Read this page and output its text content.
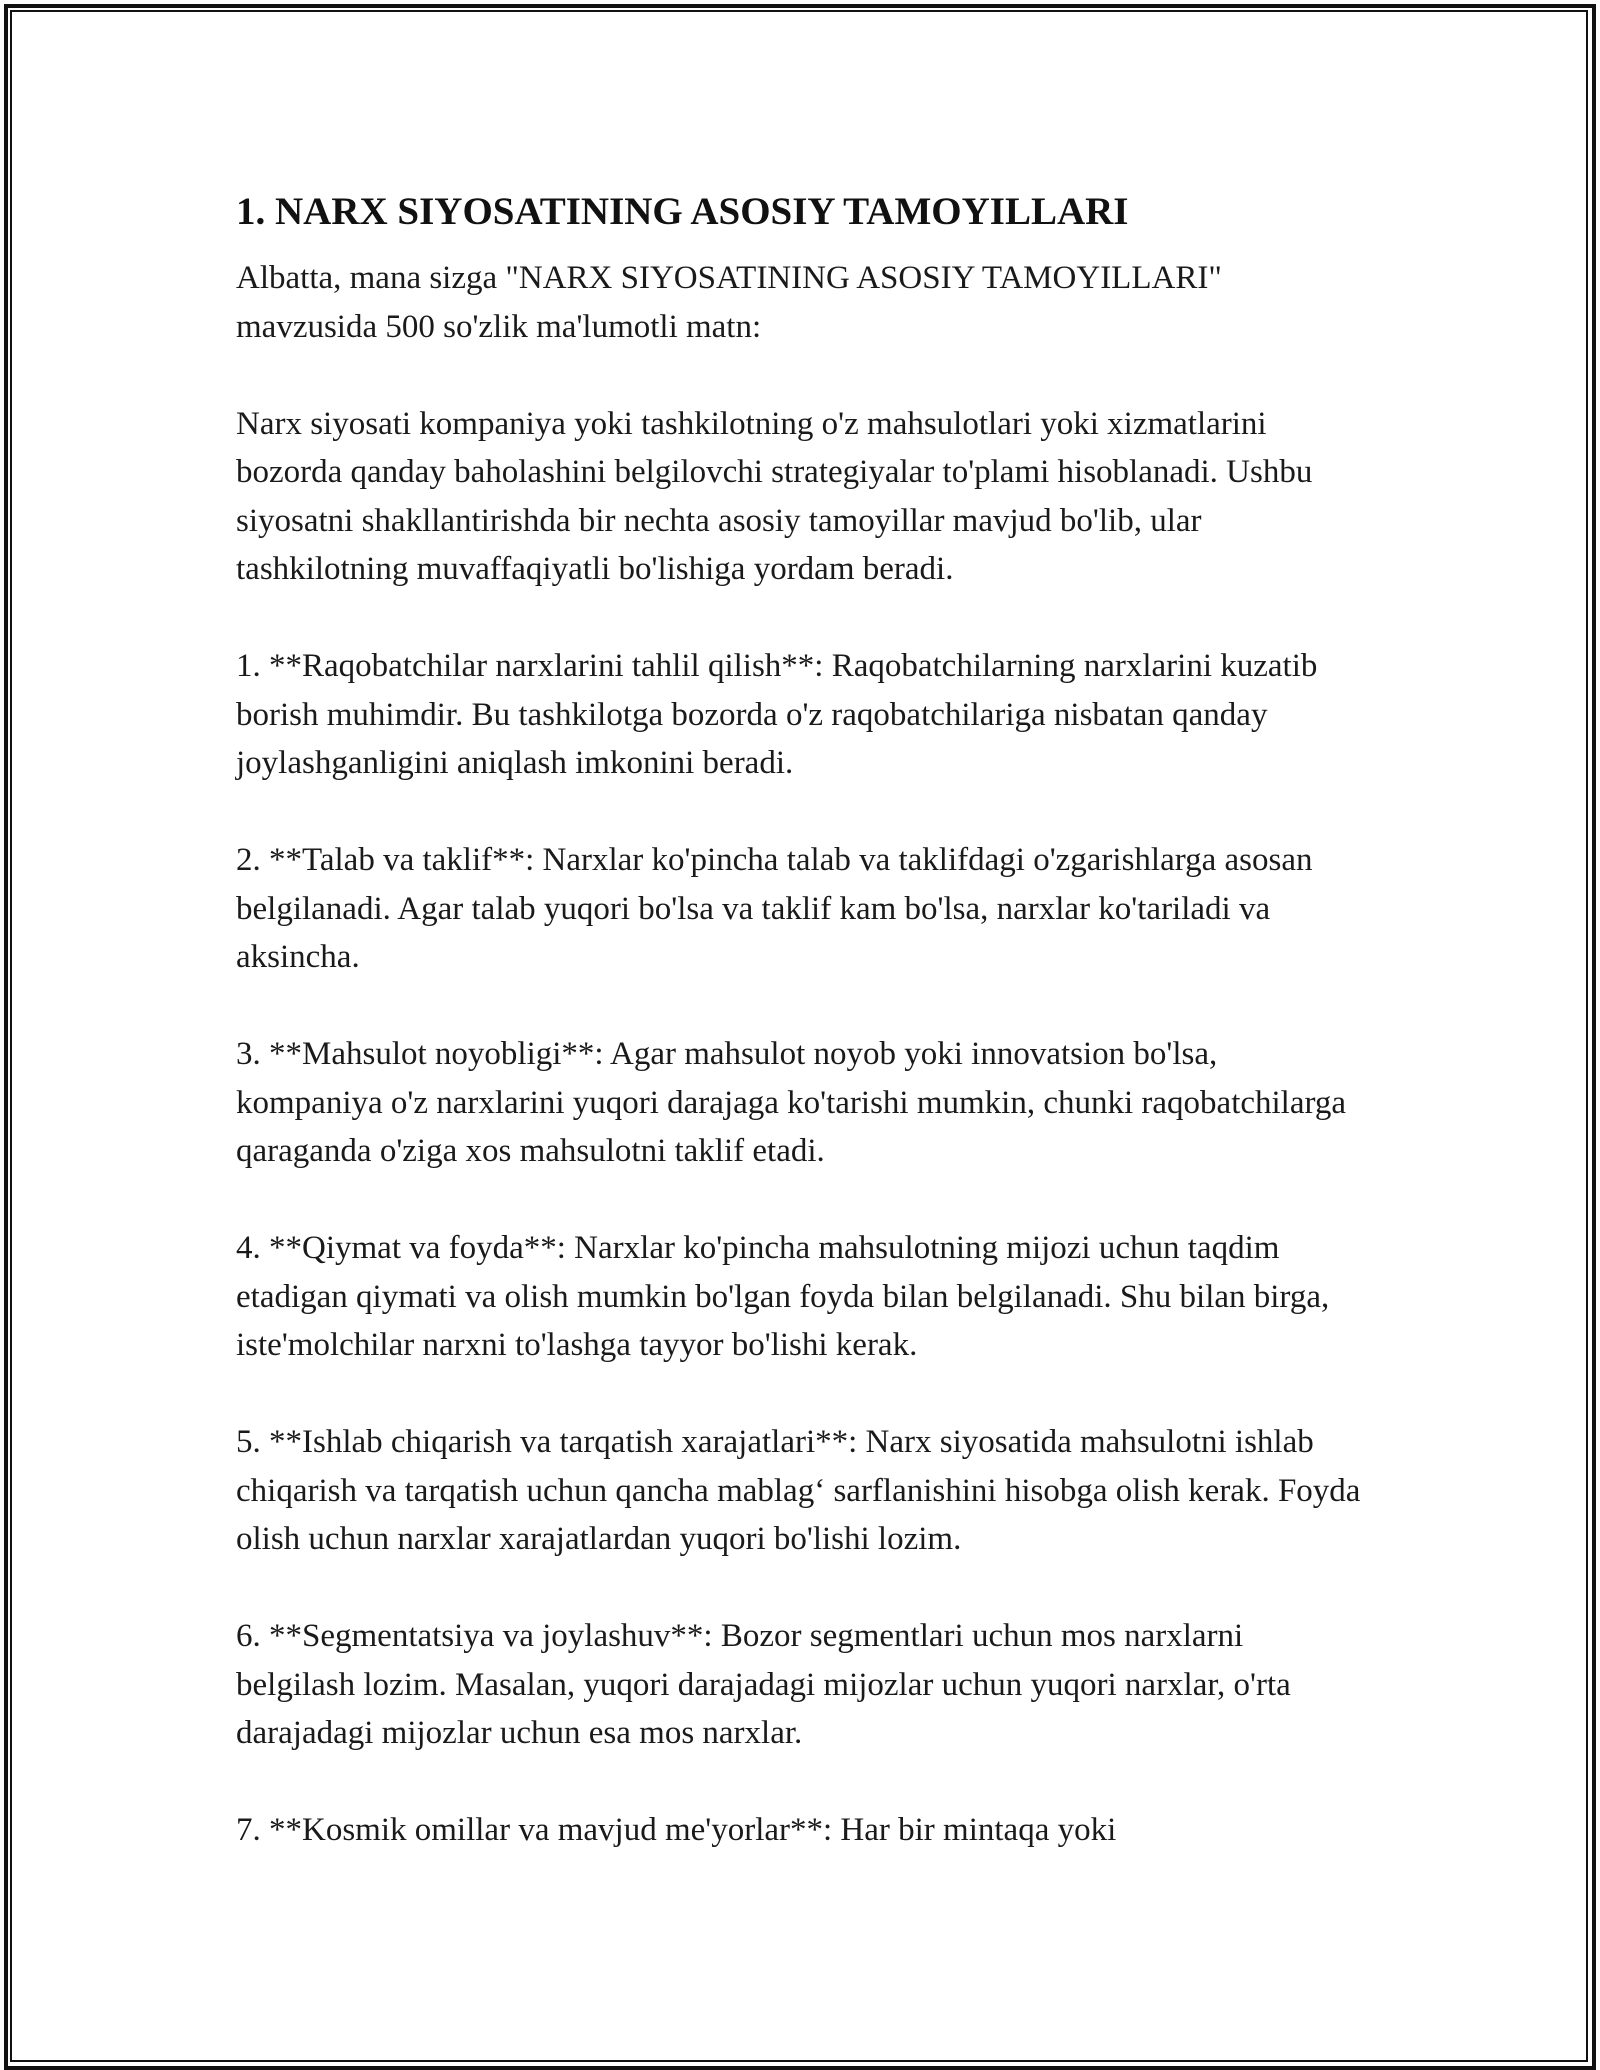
1. NARX SIYOSATINING ASOSIY TAMOYILLARI

Albatta, mana sizga "NARX SIYOSATINING ASOSIY TAMOYILLARI" mavzusida 500 so'zlik ma'lumotli matn:

Narx siyosati kompaniya yoki tashkilotning o'z mahsulotlari yoki xizmatlarini bozorda qanday baholashini belgilovchi strategiyalar to'plami hisoblanadi. Ushbu siyosatni shakllantirishda bir nechta asosiy tamoyillar mavjud bo'lib, ular tashkilotning muvaffaqiyatli bo'lishiga yordam beradi.

1. **Raqobatchilar narxlarini tahlil qilish**: Raqobatchilarning narxlarini kuzatib borish muhimdir. Bu tashkilotga bozorda o'z raqobatchilariga nisbatan qanday joylashganligini aniqlash imkonini beradi.

2. **Talab va taklif**: Narxlar ko'pincha talab va taklifdagi o'zgarishlarga asosan belgilanadi. Agar talab yuqori bo'lsa va taklif kam bo'lsa, narxlar ko'tariladi va aksincha.

3. **Mahsulot noyobligi**: Agar mahsulot noyob yoki innovatsion bo'lsa, kompaniya o'z narxlarini yuqori darajaga ko'tarishi mumkin, chunki raqobatchilarga qaraganda o'ziga xos mahsulotni taklif etadi.

4. **Qiymat va foyda**: Narxlar ko'pincha mahsulotning mijozi uchun taqdim etadigan qiymati va olish mumkin bo'lgan foyda bilan belgilanadi. Shu bilan birga, iste'molchilar narxni to'lashga tayyor bo'lishi kerak.

5. **Ishlab chiqarish va tarqatish xarajatlari**: Narx siyosatida mahsulotni ishlab chiqarish va tarqatish uchun qancha mablag‘ sarflanishini hisobga olish kerak. Foyda olish uchun narxlar xarajatlardan yuqori bo'lishi lozim.

6. **Segmentatsiya va joylashuv**: Bozor segmentlari uchun mos narxlarni belgilash lozim. Masalan, yuqori darajadagi mijozlar uchun yuqori narxlar, o'rta darajadagi mijozlar uchun esa mos narxlar.

7. **Kosmik omillar va mavjud me'yorlar**: Har bir mintaqa yoki
